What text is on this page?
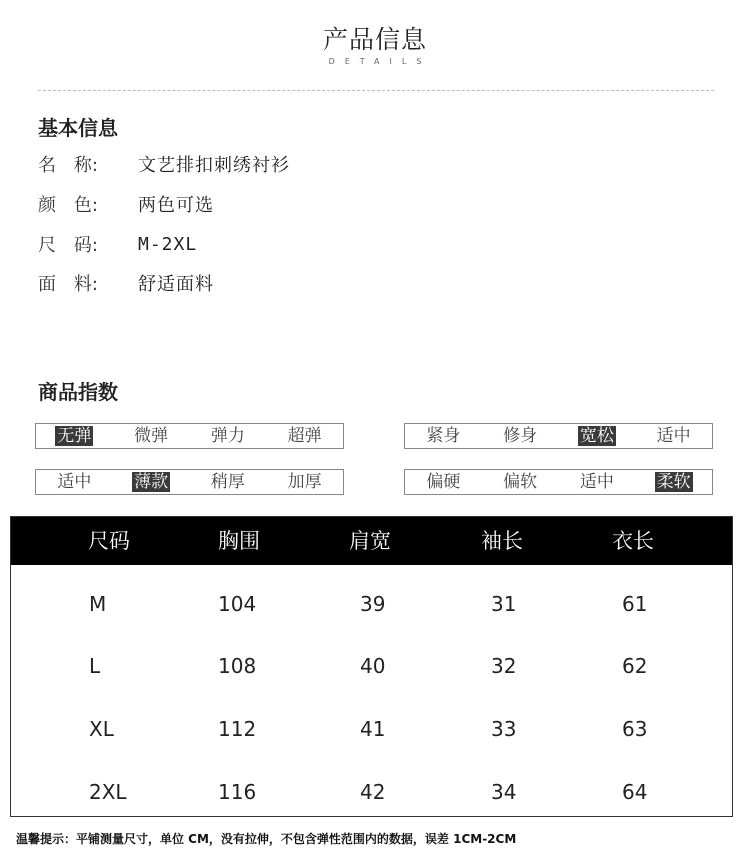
产品信息
DETAILS
基本信息
名 称: 文艺排扣刺绣衬衫
颜 色: 两色可选
尺 码: M-2XL
面 料: 舒适面料
商品指数
无弹	微弹	弹力	超弹	紧身	修身	宽松	适中
适中	薄款	稍厚	加厚	偏硬	偏软	适中	柔软
尺码	胸围	肩宽	袖长	衣长
M	104	39	31	61
L	108	40	32	62
XL	112	41	33	63
2XL	116	42	34	64
温馨提示：平铺测量尺寸，单位 CM，没有拉伸，不包含弹性范围内的数据，误差 1CM-2CM
